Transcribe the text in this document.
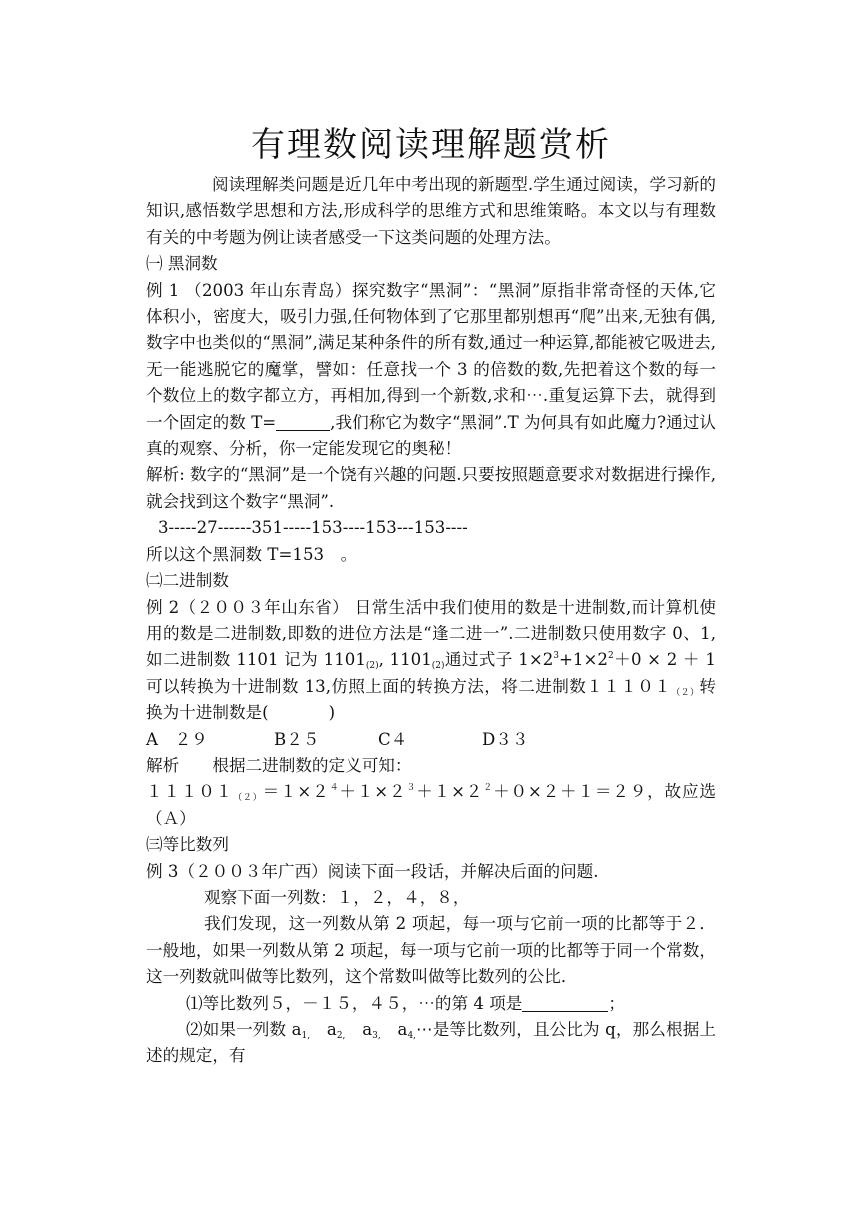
有理数阅读理解题赏析

阅读理解类问题是近几年中考出现的新题型.学生通过阅读，学习新的知识,感悟数学思想和方法,形成科学的思维方式和思维策略。本文以与有理数有关的中考题为例让读者感受一下这类问题的处理方法。

㈠ 黑洞数

例 1 （2003 年山东青岛）探究数字“黑洞”：“黑洞”原指非常奇怪的天体,它体积小，密度大，吸引力强,任何物体到了它那里都别想再“爬”出来,无独有偶,数字中也类似的“黑洞”,满足某种条件的所有数,通过一种运算,都能被它吸进去,无一能逃脱它的魔掌，譬如：任意找一个 3 的倍数的数,先把着这个数的每一个数位上的数字都立方，再相加,得到一个新数,求和⋯.重复运算下去，就得到一个固定的数 T=	,我们称它为数字“黑洞”.T 为何具有如此魔力?通过认真的观察、分析，你一定能发现它的奥秘！

解析: 数字的“黑洞”是一个饶有兴趣的问题.只要按照题意要求对数据进行操作,就会找到这个数字“黑洞”.

3-----27------351-----153----153---153----

所以这个黑洞数 T=153　。

㈡二进制数

例 2（２００３年山东省） 日常生活中我们使用的数是十进制数,而计算机使用的数是二进制数,即数的进位方法是“逢二进一”.二进制数只使用数字 0、1,如二进制数 1101 记为 $1101_{(2)}$, $1101_{(2)}$通过式子 $1\times 2^3+1\times 2^2+0 \times 2 + 1$ 可以转换为十进制数 13,仿照上面的转换方法，将二进制数$11101_{(2)}$转换为十进制数是(	)

A　２９	B２５	C４	D３３

解析　　根据二进制数的定义可知：

$11101_{(2)}=1\times 2^4+1\times 2^3+1\times 2^2+0\times 2+1=29$，故应选（Ａ）

㈢等比数列

例 3（２００３年广西）阅读下面一段话，并解决后面的问题.

观察下面一列数：１，２，４，８，

我们发现，这一列数从第 2 项起，每一项与它前一项的比都等于２．一般地，如果一列数从第 2 项起，每一项与它前一项的比都等于同一个常数，这一列数就叫做等比数列，这个常数叫做等比数列的公比．

⑴等比数列５，－１５，４５，⋯的第 4 项是	；

⑵如果一列数 $a_{1,}$　$a_{2,}$　$a_{3,}$　$a_{4,}\cdots$是等比数列，且公比为 q，那么根据上述的规定，有
